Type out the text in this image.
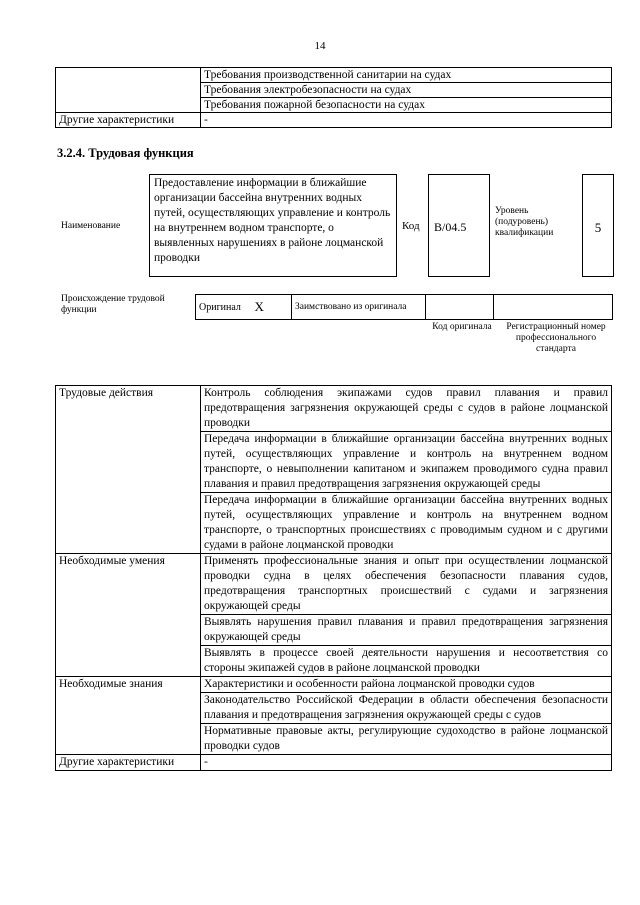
14
	Требования производственной санитарии на судах
	Требования электробезопасности на судах
	Требования пожарной безопасности на судах
Другие характеристики	-
3.2.4. Трудовая функция
Наименование
Предоставление информации в ближайшие организации бассейна внутренних водных путей, осуществляющих управление и контроль на внутреннем водном транспорте, о выявленных нарушениях в районе лоцманской проводки
Код B/04.5
Уровень (подуровень) квалификации	5
Происхождение трудовой функции	Оригинал	X	Заимствовано из оригинала		
Код оригинала	Регистрационный номер профессионального стандарта
Трудовые действия	Контроль соблюдения экипажами судов правил плавания и правил предотвращения загрязнения окружающей среды с судов в районе лоцманской проводки
	Передача информации в ближайшие организации бассейна внутренних водных путей, осуществляющих управление и контроль на внутреннем водном транспорте, о невыполнении капитаном и экипажем проводимого судна правил плавания и правил предотвращения загрязнения окружающей среды
	Передача информации в ближайшие организации бассейна внутренних водных путей, осуществляющих управление и контроль на внутреннем водном транспорте, о транспортных происшествиях с проводимым судном и с другими судами в районе лоцманской проводки
Необходимые умения	Применять профессиональные знания и опыт при осуществлении лоцманской проводки судна в целях обеспечения безопасности плавания судов, предотвращения транспортных происшествий с судами и загрязнения окружающей среды
	Выявлять нарушения правил плавания и правил предотвращения загрязнения окружающей среды
	Выявлять в процессе своей деятельности нарушения и несоответствия со стороны экипажей судов в районе лоцманской проводки
Необходимые знания	Характеристики и особенности района лоцманской проводки судов
	Законодательство Российской Федерации в области обеспечения безопасности плавания и предотвращения загрязнения окружающей среды с судов
	Нормативные правовые акты, регулирующие судоходство в районе лоцманской проводки судов
Другие характеристики	-
